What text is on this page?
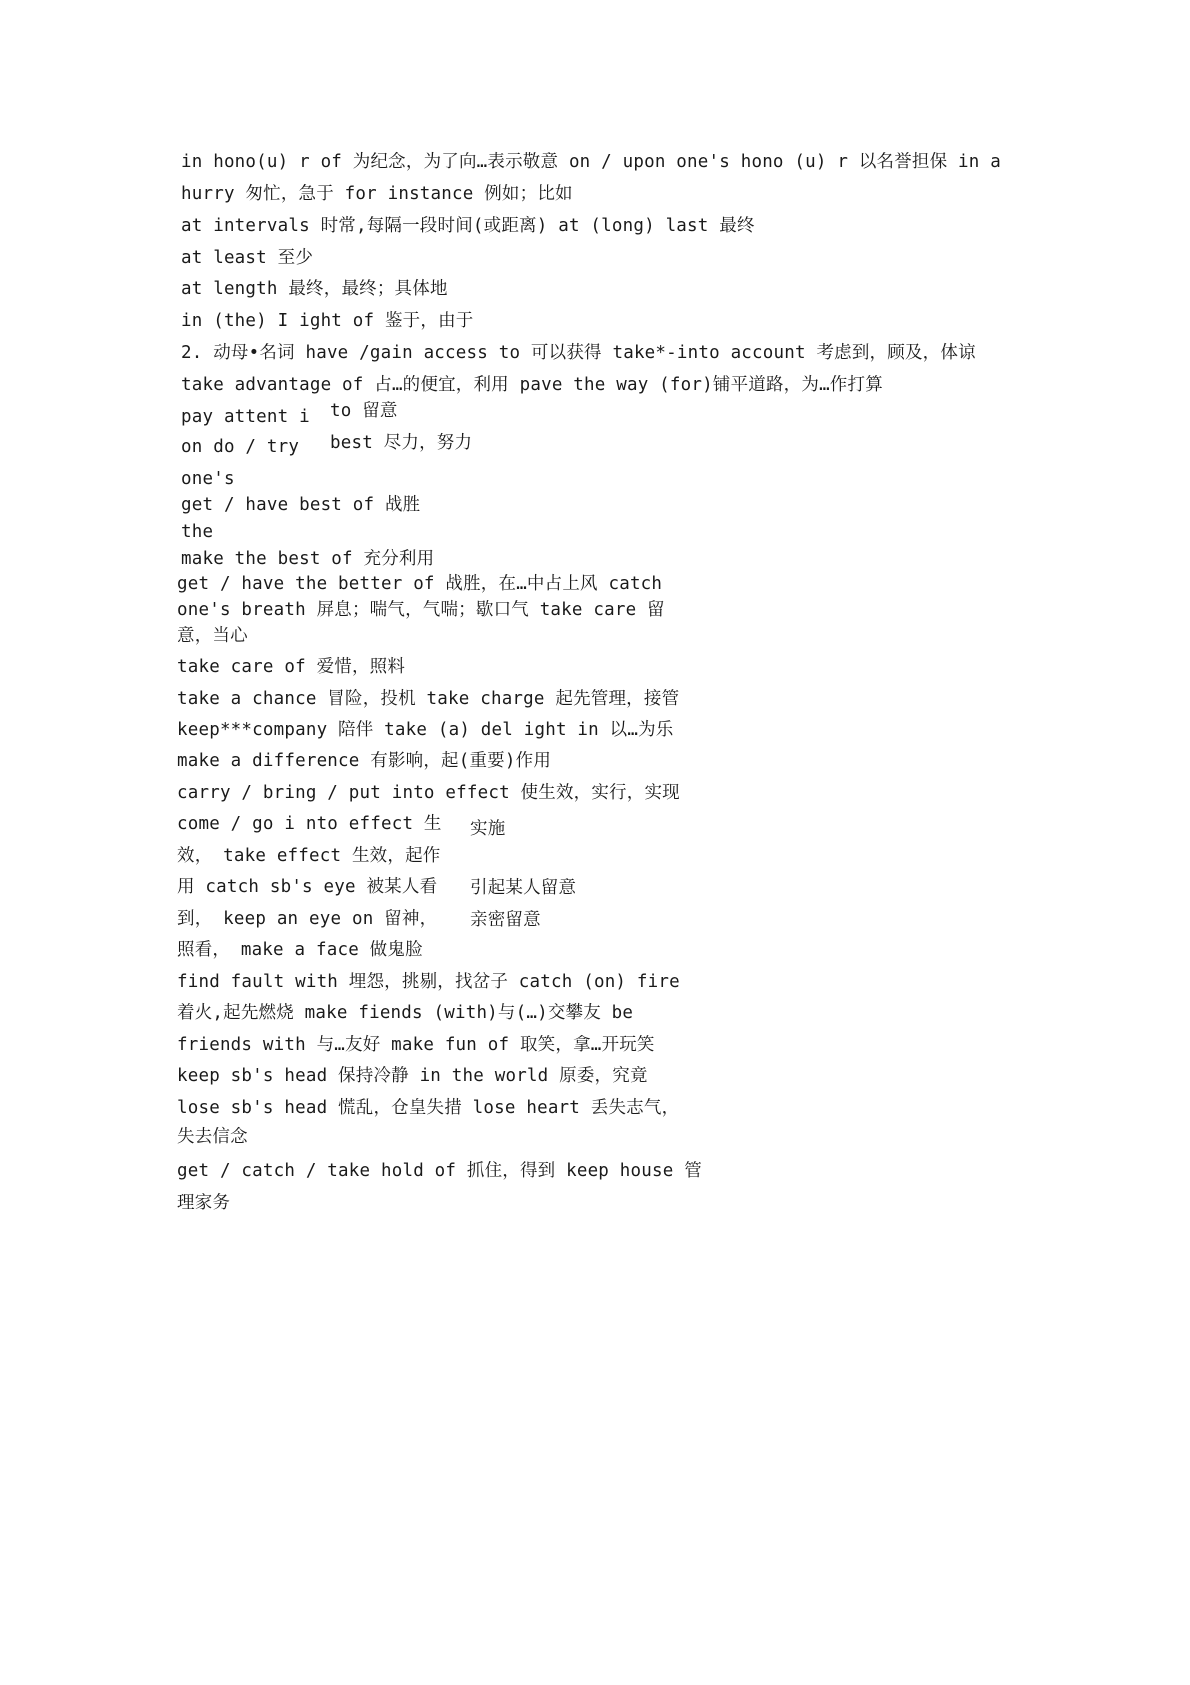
in hono(u) r of 为纪念，为了向…表示敬意 on / upon one's hono (u) r 以名誉担保 in a
hurry 匆忙，急于 for instance 例如；比如
at intervals 时常,每隔一段时间(或距离) at (long) last 最终
at least 至少
at length 最终，最终；具体地
in (the) I ight of 鉴于，由于
2. 动母•名词 have /gain access to 可以获得 take*-into account 考虑到，顾及，体谅
take advantage of 占…的便宜，利用 pave the way (for)铺平道路，为…作打算
pay attent i to 留意
on do / try best 尽力，努力
one's
get / have best of 战胜
the
make the best of 充分利用
get / have the better of 战胜，在…中占上风 catch
one's breath 屏息；喘气，气喘；歇口气 take care 留
意，当心
take care of 爱惜，照料
take a chance 冒险，投机 take charge 起先管理，接管
keep***company 陪伴 take (a) del ight in 以…为乐
make a difference 有影响，起(重要)作用
carry / bring / put into effect 使生效，实行，实现
come / go i nto effect 生 实施
效， take effect 生效，起作
用 catch sb's eye 被某人看 引起某人留意
到， keep an eye on 留神， 亲密留意
照看， make a face 做鬼脸
find fault with 埋怨，挑剔，找岔子 catch (on) fire
着火,起先燃烧 make fiends (with)与(…)交攀友 be
friends with 与…友好 make fun of 取笑，拿…开玩笑
keep sb's head 保持冷静 in the world 原委，究竟
lose sb's head 慌乱，仓皇失措 lose heart 丢失志气，
失去信念
get / catch / take hold of 抓住，得到 keep house 管
理家务
